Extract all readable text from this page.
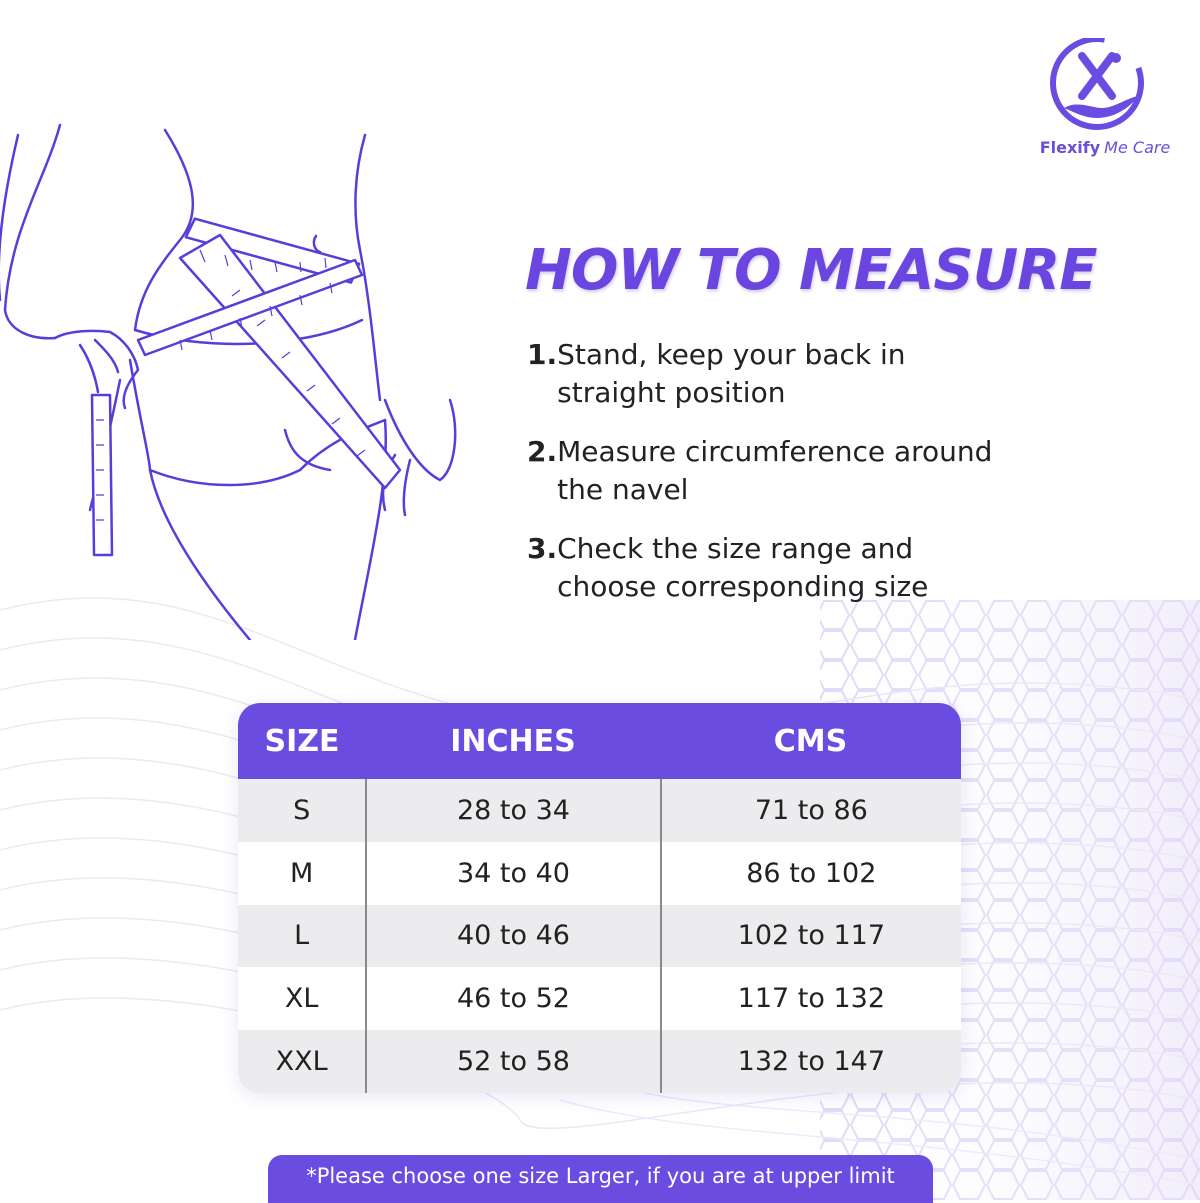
Flexify Me Care
HOW TO MEASURE
1. Stand, keep your back in straight position
2. Measure circumference around the navel
3. Check the size range and choose corresponding size
SIZE	INCHES	CMS
S	28 to 34	71 to 86
M	34 to 40	86 to 102
L	40 to 46	102 to 117
XL	46 to 52	117 to 132
XXL	52 to 58	132 to 147
*Please choose one size Larger, if you are at upper limit
